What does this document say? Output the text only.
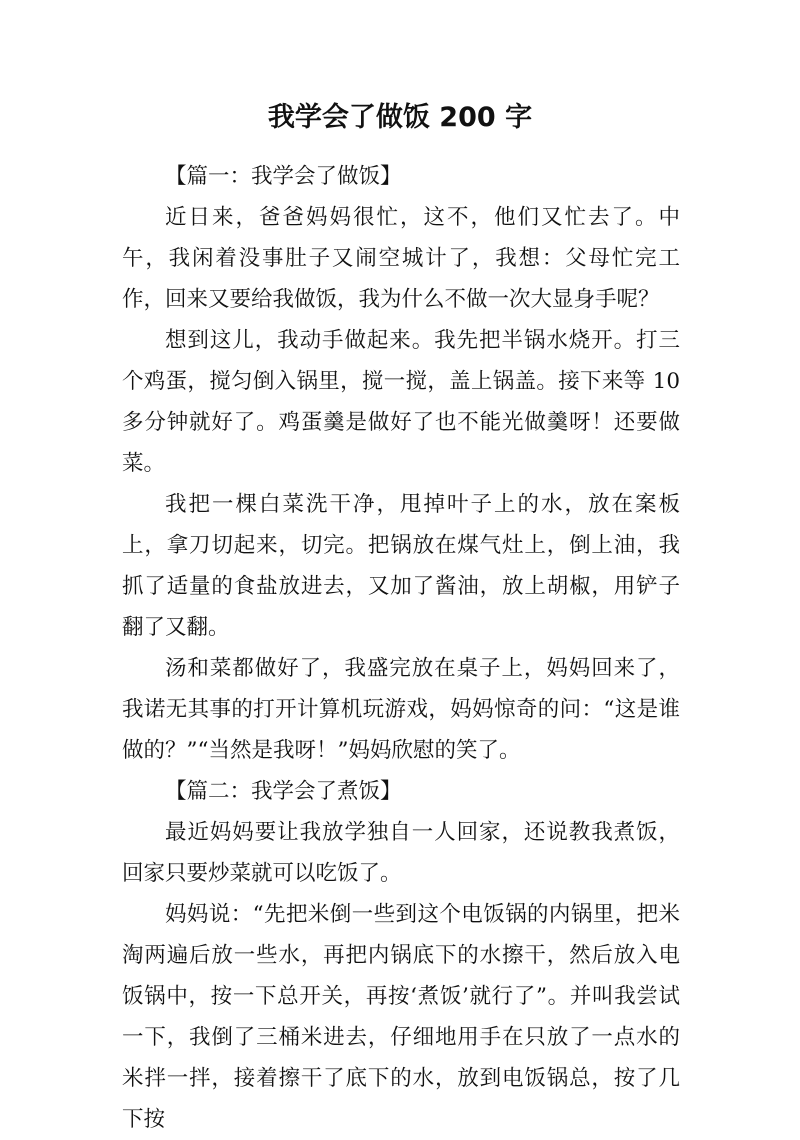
我学会了做饭 200 字

【篇一：我学会了做饭】

近日来，爸爸妈妈很忙，这不，他们又忙去了。中午，我闲着没事肚子又闹空城计了，我想：父母忙完工作，回来又要给我做饭，我为什么不做一次大显身手呢？

想到这儿，我动手做起来。我先把半锅水烧开。打三个鸡蛋，搅匀倒入锅里，搅一搅，盖上锅盖。接下来等 10 多分钟就好了。鸡蛋羹是做好了也不能光做羹呀！还要做菜。

我把一棵白菜洗干净，甩掉叶子上的水，放在案板上，拿刀切起来，切完。把锅放在煤气灶上，倒上油，我抓了适量的食盐放进去，又加了酱油，放上胡椒，用铲子翻了又翻。

汤和菜都做好了，我盛完放在桌子上，妈妈回来了，我诺无其事的打开计算机玩游戏，妈妈惊奇的问：“这是谁做的？”“当然是我呀！”妈妈欣慰的笑了。

【篇二：我学会了煮饭】

最近妈妈要让我放学独自一人回家，还说教我煮饭，回家只要炒菜就可以吃饭了。

妈妈说：“先把米倒一些到这个电饭锅的内锅里，把米淘两遍后放一些水，再把内锅底下的水擦干，然后放入电饭锅中，按一下总开关，再按‘煮饭’就行了”。并叫我尝试一下，我倒了三桶米进去，仔细地用手在只放了一点水的米拌一拌，接着擦干了底下的水，放到电饭锅总，按了几下按
